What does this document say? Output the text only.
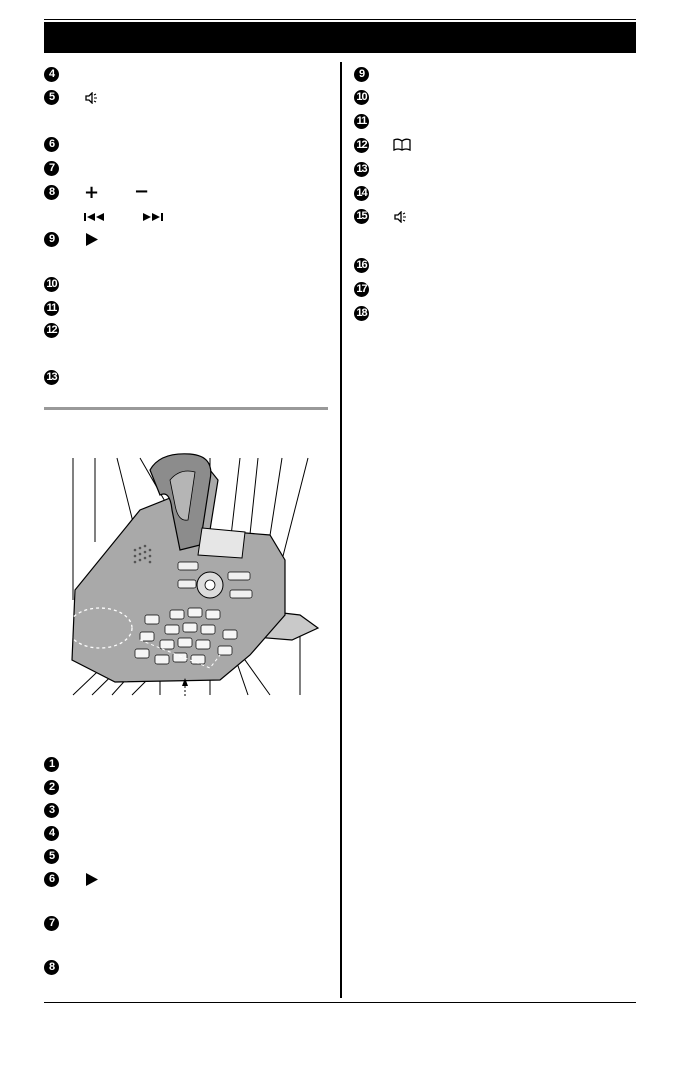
4
5
6
7
8
9
10
11
12
13
+ −
1
2
3
4
5
6
7
8
9
10
11
12
13
14
15
16
17
18
